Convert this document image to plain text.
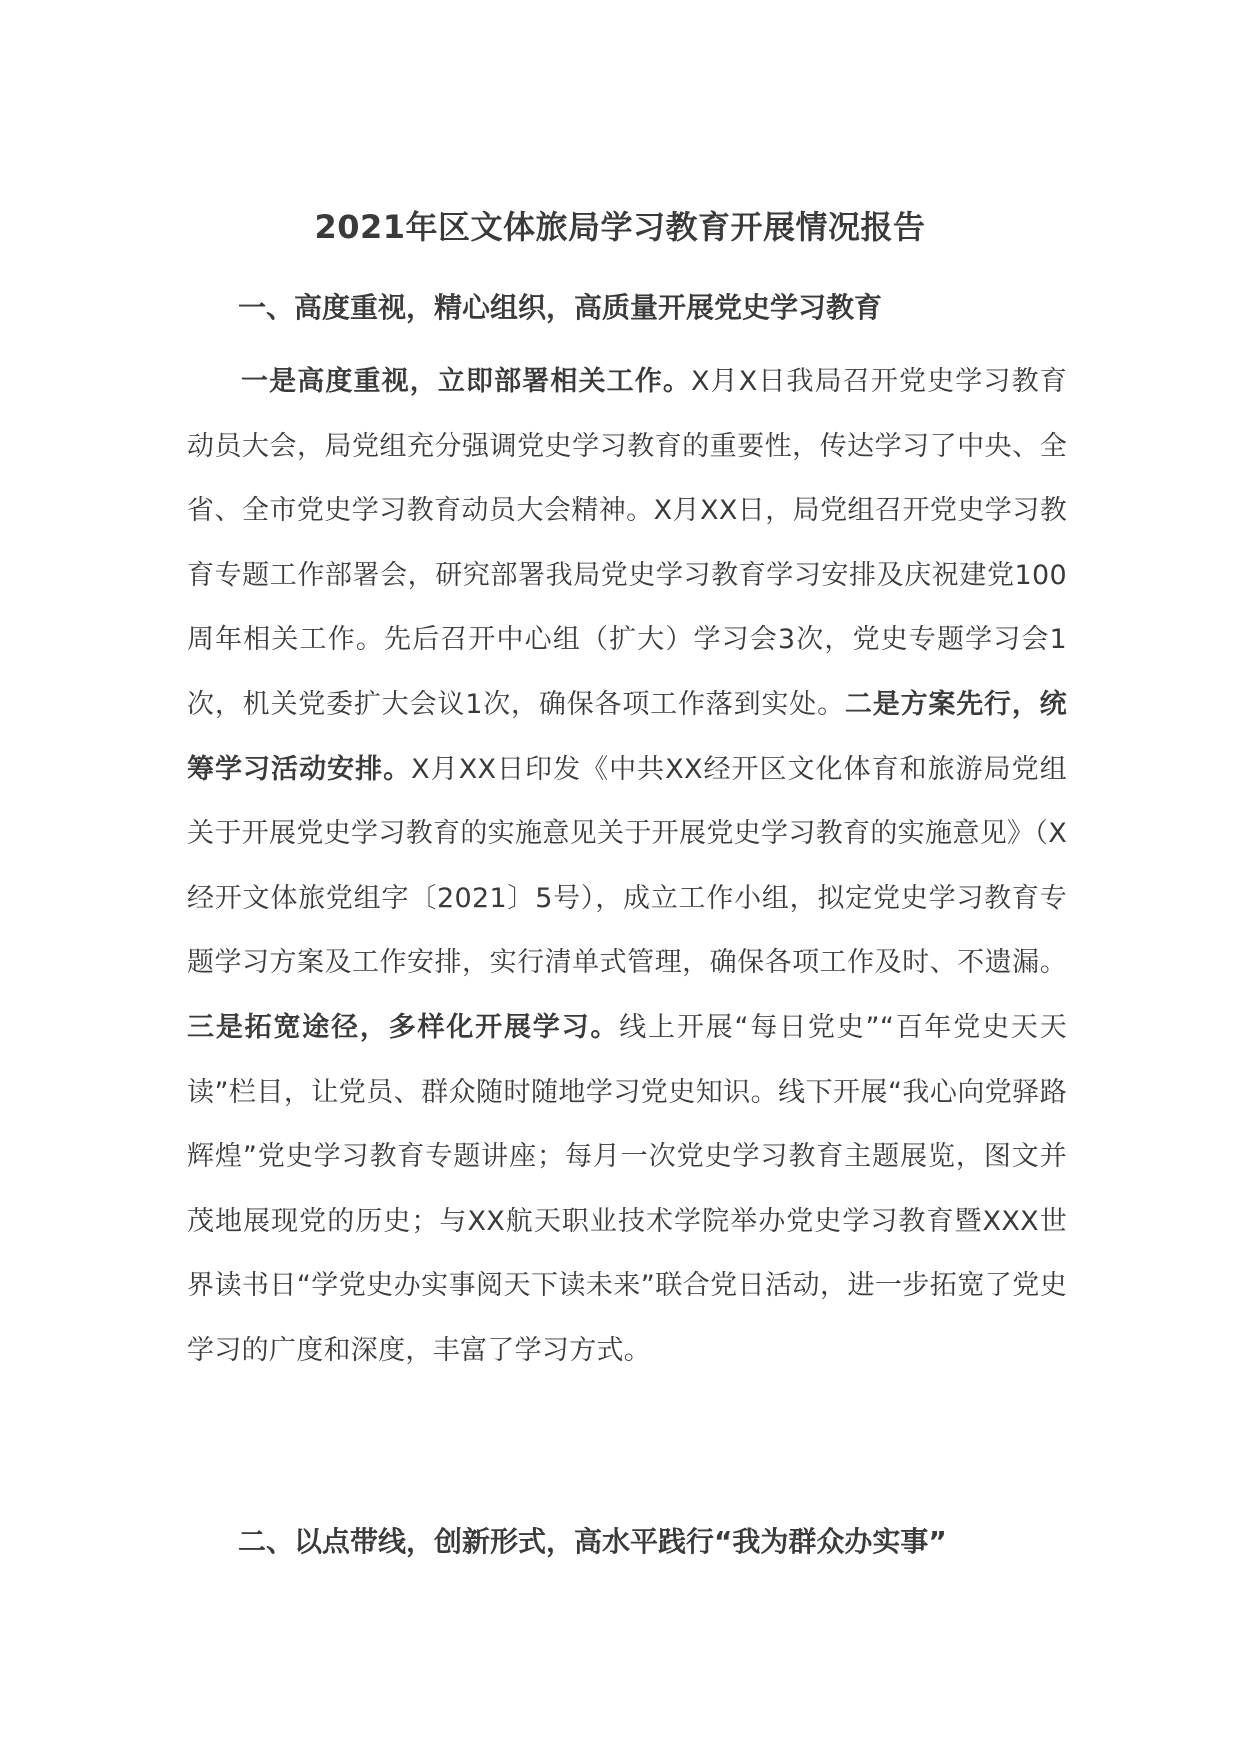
2021年区文体旅局学习教育开展情况报告
一、高度重视，精心组织，高质量开展党史学习教育

一是高度重视，立即部署相关工作。X月X日我局召开党史学习教育动员大会，局党组充分强调党史学习教育的重要性，传达学习了中央、全省、全市党史学习教育动员大会精神。X月XX日，局党组召开党史学习教育专题工作部署会，研究部署我局党史学习教育学习安排及庆祝建党100周年相关工作。先后召开中心组（扩大）学习会3次，党史专题学习会1次，机关党委扩大会议1次，确保各项工作落到实处。二是方案先行，统筹学习活动安排。X月XX日印发《中共XX经开区文化体育和旅游局党组关于开展党史学习教育的实施意见关于开展党史学习教育的实施意见》（X经开文体旅党组字〔2021〕5号），成立工作小组，拟定党史学习教育专题学习方案及工作安排，实行清单式管理，确保各项工作及时、不遗漏。三是拓宽途径，多样化开展学习。线上开展“每日党史”“百年党史天天读”栏目，让党员、群众随时随地学习党史知识。线下开展“我心向党驿路辉煌”党史学习教育专题讲座；每月一次党史学习教育主题展览，图文并茂地展现党的历史；与XX航天职业技术学院举办党史学习教育暨XXX世界读书日“学党史办实事阅天下读未来”联合党日活动，进一步拓宽了党史学习的广度和深度，丰富了学习方式。

二、以点带线，创新形式，高水平践行“我为群众办实事”
